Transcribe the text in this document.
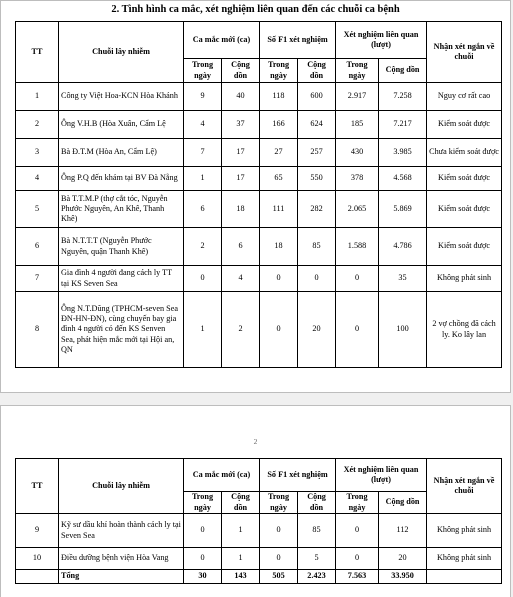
2. Tình hình ca mắc, xét nghiệm liên quan đến các chuỗi ca bệnh
TT	Chuỗi lây nhiễm	Ca mắc mới (ca)		Số F1 xét nghiệm		Xét nghiệm liên quan (lượt)		Nhận xét ngắn về chuỗi
		Trong ngày	Cộng dồn	Trong ngày	Cộng dồn	Trong ngày	Cộng dồn	
1	Công ty Việt Hoa-KCN Hòa Khánh	9	40	118	600	2.917	7.258	Nguy cơ rất cao
2	Ông V.H.B (Hòa Xuân, Cẩm Lệ	4	37	166	624	185	7.217	Kiểm soát được
3	Bà Đ.T.M (Hòa An, Cẩm Lệ)	7	17	27	257	430	3.985	Chưa kiểm soát được
4	Ông P.Q đến khám tại BV Đà Nẵng	1	17	65	550	378	4.568	Kiểm soát được
5	Bà T.T.M.P (thợ cắt tóc, Nguyễn Phước Nguyên, An Khê, Thanh Khê)	6	18	111	282	2.065	5.869	Kiểm soát được
6	Bà N.T.T.T (Nguyễn Phước Nguyên, quận Thanh Khê)	2	6	18	85	1.588	4.786	Kiểm soát được
7	Gia đình 4 người đang cách ly TT tại KS Seven Sea	0	4	0	0	0	35	Không phát sinh
8	Ông N.T.Dũng (TPHCM-seven Sea ĐN-HN-ĐN), cùng chuyến bay gia đình 4 người có đến KS Senven Sea, phát hiện mắc mới tại Hội an, QN	1	2	0	20	0	100	2 vợ chồng đã cách ly. Ko lây lan
2
TT	Chuỗi lây nhiễm	Ca mắc mới (ca)		Số F1 xét nghiệm		Xét nghiệm liên quan (lượt)		Nhận xét ngắn về chuỗi
		Trong ngày	Cộng dồn	Trong ngày	Cộng dồn	Trong ngày	Cộng dồn	
9	Kỹ sư dầu khí hoàn thành cách ly tại Seven Sea	0	1	0	85	0	112	Không phát sinh
10	Điều dưỡng bệnh viện Hòa Vang	0	1	0	5	0	20	Không phát sinh
	Tổng	30	143	505	2.423	7.563	33.950	
